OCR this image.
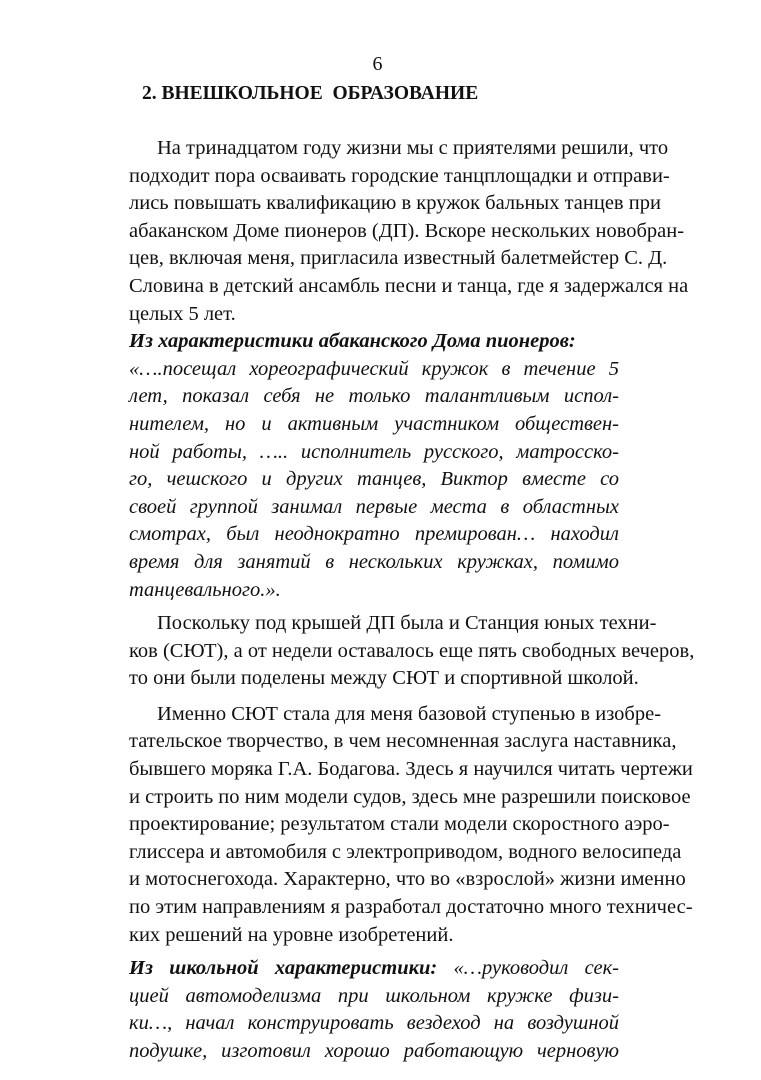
6
2. ВНЕШКОЛЬНОЕ  ОБРАЗОВАНИЕ

На тринадцатом году жизни мы с приятелями решили, что
подходит пора осваивать городские танцплощадки и отправи-
лись повышать квалификацию в кружок бальных танцев при
абаканском Доме пионеров (ДП). Вскоре нескольких новобран-
цев, включая меня, пригласила известный балетмейстер С. Д.
Словина в детский ансамбль песни и танца, где я задержался на
целых 5 лет.

Из характеристики абаканского Дома пионеров:
«….посещал хореографический кружок в течение 5
лет, показал себя не только талантливым испол-
нителем, но и активным участником обществен-
ной работы, ….. исполнитель русского, матросско-
го, чешского и других танцев, Виктор вместе со
своей группой занимал первые места в областных
смотрах, был неоднократно премирован… находил
время для занятий в нескольких кружках, помимо
танцевального.».

Поскольку под крышей ДП была и Станция юных техни-
ков (СЮТ), а от недели оставалось еще пять свободных вечеров,
то они были поделены между СЮТ и спортивной школой.

Именно СЮТ стала для меня базовой ступенью в изобре-
тательское творчество, в чем несомненная заслуга наставника,
бывшего моряка Г.А. Бодагова. Здесь я научился читать чертежи
и строить по ним модели судов, здесь мне разрешили поисковое
проектирование; результатом стали модели скоростного аэро-
глиссера и автомобиля с электроприводом, водного велосипеда
и мотоснегохода. Характерно, что во «взрослой» жизни именно
по этим направлениям я разработал достаточно много техничес-
ких решений на уровне изобретений.

Из школьной характеристики: «…руководил сек-
цией автомоделизма при школьном кружке физи-
ки…, начал конструировать вездеход на воздушной
подушке, изготовил хорошо работающую черновую
